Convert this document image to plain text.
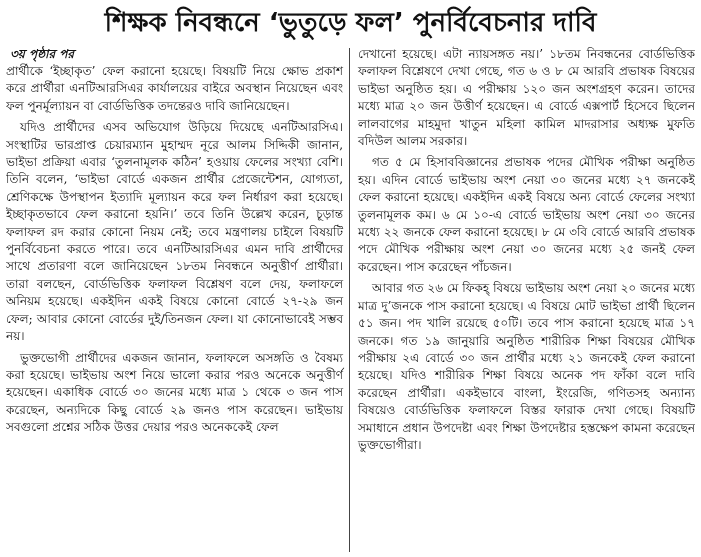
শিক্ষক নিবন্ধনে ‘ভুতুড়ে ফল’ পুনর্বিবেচনার দাবি
৩য় পৃষ্ঠার পর

প্রার্থীকে ‘ইচ্ছাকৃত’ ফেল করানো হয়েছে। বিষয়টি নিয়ে ক্ষোভ প্রকাশ করে প্রার্থীরা এনটিআরসিএর কার্যালয়ের বাইরে অবস্থান নিয়েছেন এবং ফল পুনর্মূল্যায়ন বা বোর্ডভিত্তিক তদন্তেরও দাবি জানিয়েছেন।

যদিও প্রার্থীদের এসব অভিযোগ উড়িয়ে দিয়েছে এনটিআরসিএ। সংস্থাটির ভারপ্রাপ্ত চেয়ারম্যান মুহাম্মদ নূরে আলম সিদ্দিকী জানান, ভাইভা প্রক্রিয়া এবার ‘তুলনামূলক কঠিন’ হওয়ায় ফেলের সংখ্যা বেশি। তিনি বলেন, ‘ভাইভা বোর্ডে একজন প্রার্থীর প্রেজেন্টেশন, যোগ্যতা, শ্রেণিকক্ষে উপস্থাপন ইত্যাদি মূল্যায়ন করে ফল নির্ধারণ করা হয়েছে। ইচ্ছাকৃতভাবে ফেল করানো হয়নি।’ তবে তিনি উল্লেখ করেন, চূড়ান্ত ফলাফল রদ করার কোনো নিয়ম নেই; তবে মন্ত্রণালয় চাইলে বিষয়টি পুনর্বিবেচনা করতে পারে। তবে এনটিআরসিএর এমন দাবি প্রার্থীদের সাথে প্রতারণা বলে জানিয়েছেন ১৮তম নিবন্ধনে অনুত্তীর্ণ প্রার্থীরা। তারা বলছেন, বোর্ডভিত্তিক ফলাফল বিশ্লেষণ বলে দেয়, ফলাফলে অনিয়ম হয়েছে। একইদিন একই বিষয়ে কোনো বোর্ডে ২৭-২৯ জন ফেল; আবার কোনো বোর্ডের দুই/তিনজন ফেল। যা কোনোভাবেই সম্ভব নয়।

ভুক্তভোগী প্রার্থীদের একজন জানান, ফলাফলে অসঙ্গতি ও বৈষম্য করা হয়েছে। ভাইভায় অংশ নিয়ে ভালো করার পরও অনেকে অনুত্তীর্ণ হয়েছেন। একাধিক বোর্ডে ৩০ জনের মধ্যে মাত্র ১ থেকে ৩ জন পাস করেছেন, অন্যদিকে কিছু বোর্ডে ২৯ জনও পাস করেছেন। ভাইভায় সবগুলো প্রশ্নের সঠিক উত্তর দেয়ার পরও অনেককেই ফেল

দেখানো হয়েছে। এটা ন্যায়সঙ্গত নয়।’ ১৮তম নিবন্ধনের বোর্ডভিত্তিক ফলাফল বিশ্লেষণে দেখা গেছে, গত ৬ ও ৮ মে আরবি প্রভাষক বিষয়ের ভাইভা অনুষ্ঠিত হয়। এ পরীক্ষায় ১২০ জন অংশগ্রহণ করেন। তাদের মধ্যে মাত্র ২০ জন উত্তীর্ণ হয়েছেন। এ বোর্ডে এক্সপার্ট হিসেবে ছিলেন লালবাগের মাহমুদা খাতুন মহিলা কামিল মাদরাসার অধ্যক্ষ মুফতি বদিউল আলম সরকার।

গত ৫ মে হিসাববিজ্ঞানের প্রভাষক পদের মৌখিক পরীক্ষা অনুষ্ঠিত হয়। এদিন বোর্ডে ভাইভায় অংশ নেয়া ৩০ জনের মধ্যে ২৭ জনকেই ফেল করানো হয়েছে। একইদিন একই বিষয়ে অন্য বোর্ডে ফেলের সংখ্যা তুলনামূলক কম। ৬ মে ১০-এ বোর্ডে ভাইভায় অংশ নেয়া ৩০ জনের মধ্যে ২২ জনকে ফেল করানো হয়েছে। ৮ মে ৩বি বোর্ডে আরবি প্রভাষক পদে মৌখিক পরীক্ষায় অংশ নেয়া ৩০ জনের মধ্যে ২৫ জনই ফেল করেছেন। পাস করেছেন পাঁচজন।

আবার গত ২৬ মে ফিকহ্ বিষয়ে ভাইভায় অংশ নেয়া ২০ জনের মধ্যে মাত্র দু’জনকে পাস করানো হয়েছে। এ বিষয়ে মোট ভাইভা প্রার্থী ছিলেন ৫১ জন। পদ খালি রয়েছে ৫০টি। তবে পাস করানো হয়েছে মাত্র ১৭ জনকে। গত ১৯ জানুয়ারি অনুষ্ঠিত শারীরিক শিক্ষা বিষয়ের মৌখিক পরীক্ষায় ২এ বোর্ডে ৩০ জন প্রার্থীর মধ্যে ২১ জনকেই ফেল করানো হয়েছে। যদিও শারীরিক শিক্ষা বিষয়ে অনেক পদ ফাঁকা বলে দাবি করেছেন প্রার্থীরা। একইভাবে বাংলা, ইংরেজি, গণিতসহ অন্যান্য বিষয়েও বোর্ডভিত্তিক ফলাফলে বিস্তর ফারাক দেখা গেছে। বিষয়টি সমাধানে প্রধান উপদেষ্টা এবং শিক্ষা উপদেষ্টার হস্তক্ষেপ কামনা করেছেন ভুক্তভোগীরা।
